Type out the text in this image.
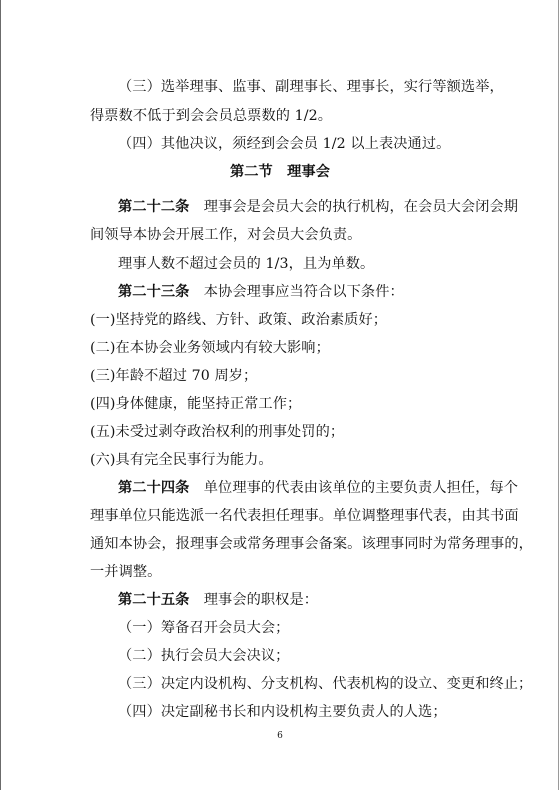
（三）选举理事、监事、副理事长、理事长，实行等额选举，
得票数不低于到会会员总票数的 1/2。
（四）其他决议，须经到会会员 1/2 以上表决通过。
第二节　理事会
第二十二条　理事会是会员大会的执行机构，在会员大会闭会期
间领导本协会开展工作，对会员大会负责。
理事人数不超过会员的 1/3，且为单数。
第二十三条　本协会理事应当符合以下条件：
(一)坚持党的路线、方针、政策、政治素质好；
(二)在本协会业务领域内有较大影响；
(三)年龄不超过 70 周岁；
(四)身体健康，能坚持正常工作；
(五)未受过剥夺政治权利的刑事处罚的；
(六)具有完全民事行为能力。
第二十四条　单位理事的代表由该单位的主要负责人担任，每个
理事单位只能选派一名代表担任理事。单位调整理事代表，由其书面
通知本协会，报理事会或常务理事会备案。该理事同时为常务理事的，
一并调整。
第二十五条　理事会的职权是：
（一）筹备召开会员大会；
（二）执行会员大会决议；
（三）决定内设机构、分支机构、代表机构的设立、变更和终止；
（四）决定副秘书长和内设机构主要负责人的人选；
6
